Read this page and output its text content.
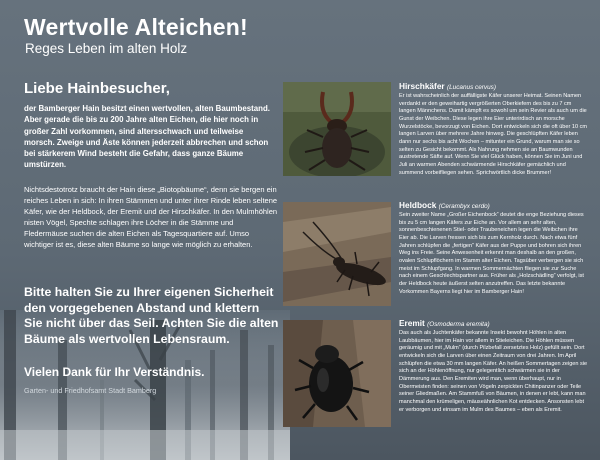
Wertvolle Alteichen!
Reges Leben im alten Holz
Liebe Hainbesucher,

der Bamberger Hain besitzt einen wertvollen, alten Baumbestand. Aber gerade die bis zu 200 Jahre alten Eichen, die hier noch in großer Zahl vorkommen, sind altersschwach und teilweise morsch. Zweige und Äste können jederzeit abbrechen und schon bei stärkerem Wind besteht die Gefahr, dass ganze Bäume umstürzen.

Nichtsdestotrotz braucht der Hain diese „Biotopbäume“, denn sie bergen ein reiches Leben in sich: In ihren Stämmen und unter ihrer Rinde leben seltene Käfer, wie der Heldbock, der Eremit und der Hirschkäfer. In den Mulmhöhlen nisten Vögel, Spechte schlagen ihre Löcher in die Stämme und Fledermäuse suchen die alten Eichen als Tagesquartiere auf. Umso wichtiger ist es, diese alten Bäume so lange wie möglich zu erhalten.

Bitte halten Sie zu Ihrer eigenen Sicherheit den vorgegebenen Abstand und klettern Sie nicht über das Seil. Achten Sie die alten Bäume als wertvollen Lebensraum.

Vielen Dank für Ihr Verständnis.
Garten- und Friedhofsamt Stadt Bamberg
Hirschkäfer (Lucanus cervus)

Er ist wahrscheinlich der auffälligste Käfer unserer Heimat. Seinen Namen verdankt er den geweihartig vergrößerten Oberkiefern des bis zu 7 cm langen Männchens. Damit kämpft es sowohl um sein Revier als auch um die Gunst der Weibchen. Diese legen ihre Eier unterirdisch an morsche Wurzelstöcke, bevorzugt von Eichen. Dort entwickeln sich die oft über 10 cm langen Larven über mehrere Jahre hinweg. Die geschlüpften Käfer leben dann nur sechs bis acht Wochen – mitunter ein Grund, warum man sie so selten zu Gesicht bekommt. Als Nahrung nehmen sie an Baumwunden austretende Säfte auf. Wenn Sie viel Glück haben, können Sie im Juni und Juli an warmen Abenden schwärmende Hirschkäfer gemächlich und summend vorbeifliegen sehen. Sprichwörtlich dicke Brummer!

Heldbock (Cerambyx cerdo)

Sein zweiter Name „Großer Eichenbock“ deutet die enge Beziehung dieses bis zu 5 cm langen Käfers zur Eiche an. Vor allem an sehr alten, sonnenbeschienenen Stiel- oder Traubeneichen legen die Weibchen ihre Eier ab. Die Larven fressen sich bis zum Kernholz durch. Nach etwa fünf Jahren schlüpfen die „fertigen“ Käfer aus der Puppe und bohren sich ihren Weg ins Freie. Seine Anwesenheit erkennt man deshalb an den großen, ovalen Schlupflöchern im Stamm alter Eichen. Tagsüber verbergen sie sich meist im Schlupfgang. In warmen Sommernächten fliegen sie zur Suche nach einem Geschlechtspartner aus. Früher als „Holzschädling“ verfolgt, ist der Heldbock heute äußerst selten anzutreffen. Das letzte bekannte Vorkommen Bayerns liegt hier im Bamberger Hain!

Eremit (Osmoderma eremita)

Das auch als Juchtenkäfer bekannte Insekt bewohnt Höhlen in alten Laubbäumen, hier im Hain vor allem in Stieleichen. Die Höhlen müssen geräumig und mit „Mulm“ (durch Pilzbefall zersetztes Holz) gefüllt sein. Dort entwickeln sich die Larven über einen Zeitraum von drei Jahren. Im April schlüpfen die etwa 30 mm langen Käfer. An heißen Sommertagen zeigen sie sich an der Höhlenöffnung, nur gelegentlich schwärmen sie in der Dämmerung aus. Den Eremiten wird man, wenn überhaupt, nur in Obermeisten finden: seinen von Vögeln zerpickten Chitinpanzer oder Teile seiner Gliedmaßen. Am Stammfuß von Bäumen, in denen er lebt, kann man manchmal den krümeligen, mäuseähnlichen Kot entdecken. Ansonsten lebt er verborgen und einsam im Mulm des Baumes – eben als Eremit.
